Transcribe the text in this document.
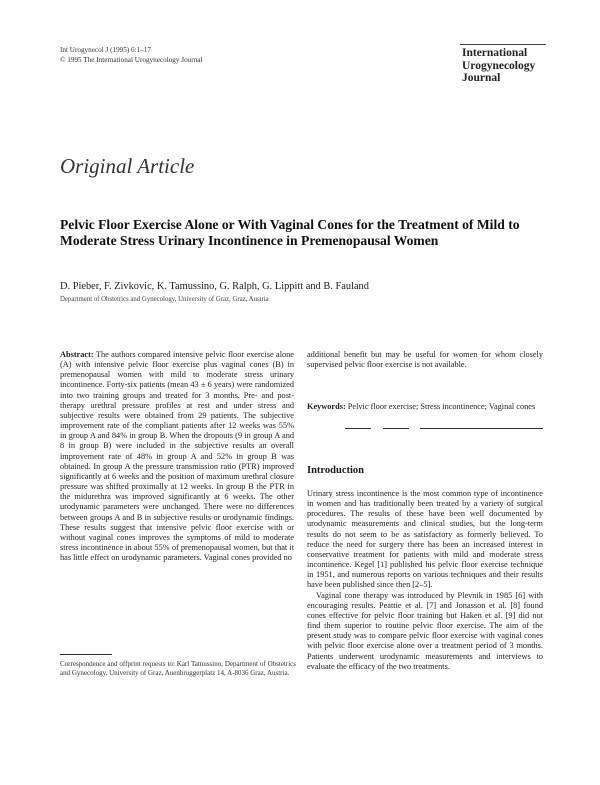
Int Urogynecol J (1995) 6:1–17
© 1995 The International Urogynecology Journal
International
Urogynecology
Journal
Original Article
Pelvic Floor Exercise Alone or With Vaginal Cones for the Treatment of Mild to Moderate Stress Urinary Incontinence in Premenopausal Women
D. Pieber, F. Zivkovic, K. Tamussino, G. Ralph, G. Lippitt and B. Fauland
Department of Obstetrics and Gynecology, University of Graz, Graz, Austria

Abstract: The authors compared intensive pelvic floor exercise alone (A) with intensive pelvic floor exercise plus vaginal cones (B) in premenopausal women with mild to moderate stress urinary incontinence. Forty-six patients (mean 43 ± 6 years) were randomized into two training groups and treated for 3 months. Pre- and post-therapy urethral pressure profiles at rest and under stress and subjective results were obtained from 29 patients. The subjective improvement rate of the compliant patients after 12 weeks was 55% in group A and 84% in group B. When the dropouts (9 in group A and 8 in group B) were included in the subjective results an overall improvement rate of 48% in group A and 52% in group B was obtained. In group A the pressure transmission ratio (PTR) improved significantly at 6 weeks and the position of maximum urethral closure pressure was shifted proximally at 12 weeks. In group B the PTR in the midurethra was improved significantly at 6 weeks. The other urodynamic parameters were unchanged. There were no differences between groups A and B in subjective results or urodynamic findings. These results suggest that intensive pelvic floor exercise with or without vaginal cones improves the symptoms of mild to moderate stress incontinence in about 55% of premenopausal women, but that it has little effect on urodynamic parameters. Vaginal cones provided no

Correspondence and offprint requests to: Karl Tamussino, Department of Obstetrics and Gynecology, University of Graz, Auenbruggerplatz 14, A-8036 Graz, Austria.
additional benefit but may be useful for women for whom closely supervised pelvic floor exercise is not available.
Keywords: Pelvic floor exercise; Stress incontinence; Vaginal cones
Introduction

Urinary stress incontinence is the most common type of incontinence in women and has traditionally been treated by a variety of surgical procedures. The results of these have been well documented by urodynamic measurements and clinical studies, but the long-term results do not seem to be as satisfactory as formerly believed. To reduce the need for surgery there has been an increased interest in conservative treatment for patients with mild and moderate stress incontinence. Kegel [1] published his pelvic floor exercise technique in 1951, and numerous reports on various techniques and their results have been published since then [2–5].

Vaginal cone therapy was introduced by Plevnik in 1985 [6] with encouraging results. Peattie et al. [7] and Jonasson et al. [8] found cones effective for pelvic floor training but Haken et al. [9] did not find them superior to routine pelvic floor exercise. The aim of the present study was to compare pelvic floor exercise with vaginal cones with pelvic floor exercise alone over a treatment period of 3 months. Patients underwent urodynamic measurements and interviews to evaluate the efficacy of the two treatments.
